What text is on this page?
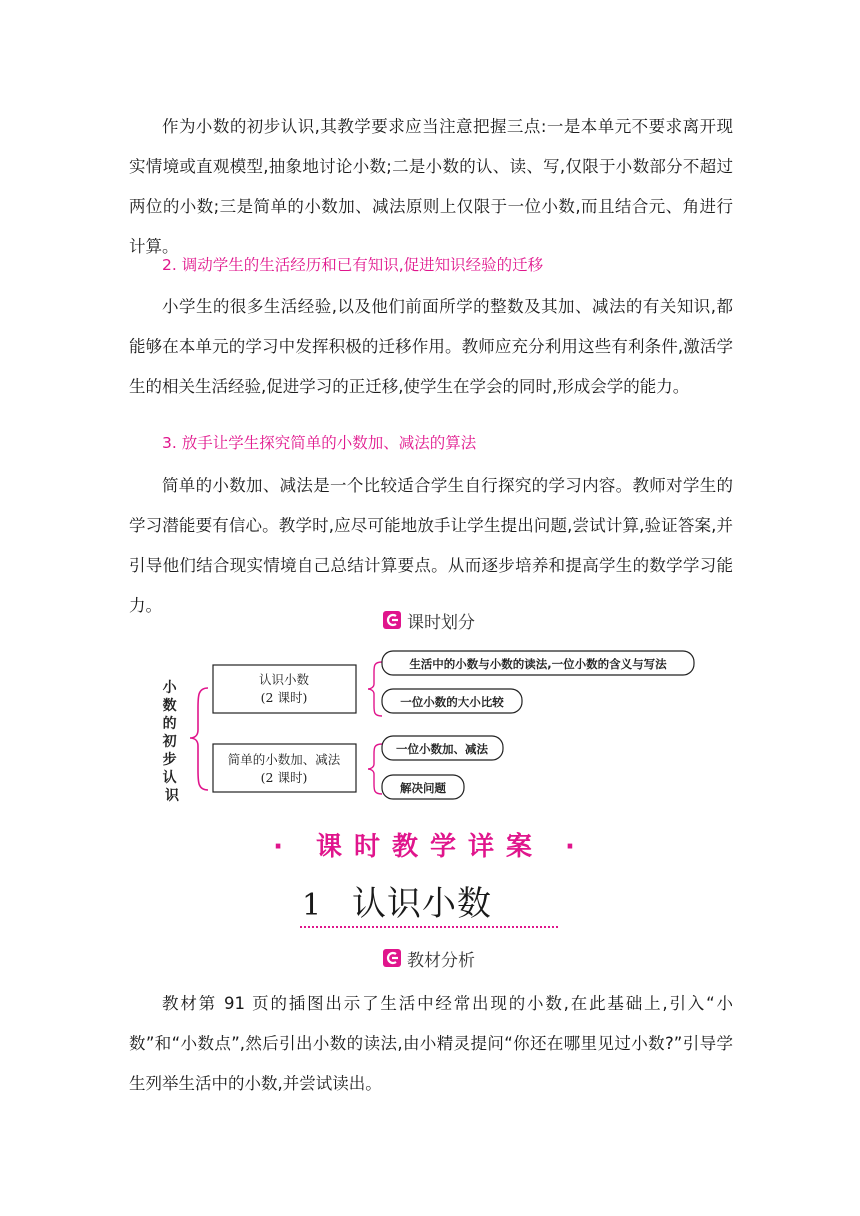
作为小数的初步认识,其教学要求应当注意把握三点:一是本单元不要求离开现实情境或直观模型,抽象地讨论小数;二是小数的认、读、写,仅限于小数部分不超过两位的小数;三是简单的小数加、减法原则上仅限于一位小数,而且结合元、角进行计算。

2. 调动学生的生活经历和已有知识,促进知识经验的迁移

小学生的很多生活经验,以及他们前面所学的整数及其加、减法的有关知识,都能够在本单元的学习中发挥积极的迁移作用。教师应充分利用这些有利条件,激活学生的相关生活经验,促进学习的正迁移,使学生在学会的同时,形成会学的能力。

3. 放手让学生探究简单的小数加、减法的算法

简单的小数加、减法是一个比较适合学生自行探究的学习内容。教师对学生的学习潜能要有信心。教学时,应尽可能地放手让学生提出问题,尝试计算,验证答案,并引导他们结合现实情境自己总结计算要点。从而逐步培养和提高学生的数学学习能力。

课时划分
小 数 的 初 步 认 识
认识小数
(2 课时)
简单的小数加、减法
(2 课时)
生活中的小数与小数的读法,一位小数的含义与写法
一位小数的大小比较
一位小数加、减法
解决问题
· 课时教学详案 ·
1 认识小数
教材分析

教材第 91 页的插图出示了生活中经常出现的小数,在此基础上,引入“小数”和“小数点”,然后引出小数的读法,由小精灵提问“你还在哪里见过小数?”引导学生列举生活中的小数,并尝试读出。
